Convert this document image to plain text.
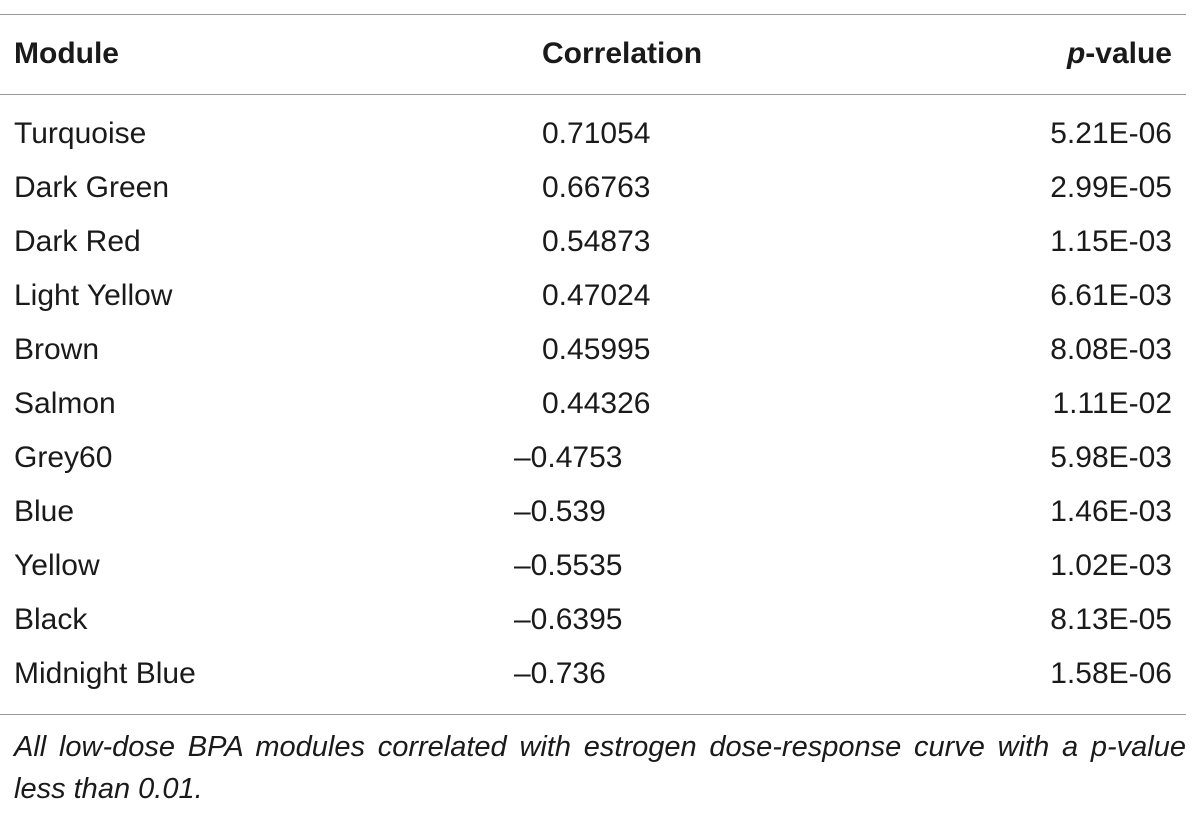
Module	Correlation	p-value
Turquoise	0.71054	5.21E-06
Dark Green	0.66763	2.99E-05
Dark Red	0.54873	1.15E-03
Light Yellow	0.47024	6.61E-03
Brown	0.45995	8.08E-03
Salmon	0.44326	1.11E-02
Grey60	–0.4753	5.98E-03
Blue	–0.539	1.46E-03
Yellow	–0.5535	1.02E-03
Black	–0.6395	8.13E-05
Midnight Blue	–0.736	1.58E-06
All low-dose BPA modules correlated with estrogen dose-response curve with a p-value less than 0.01.
